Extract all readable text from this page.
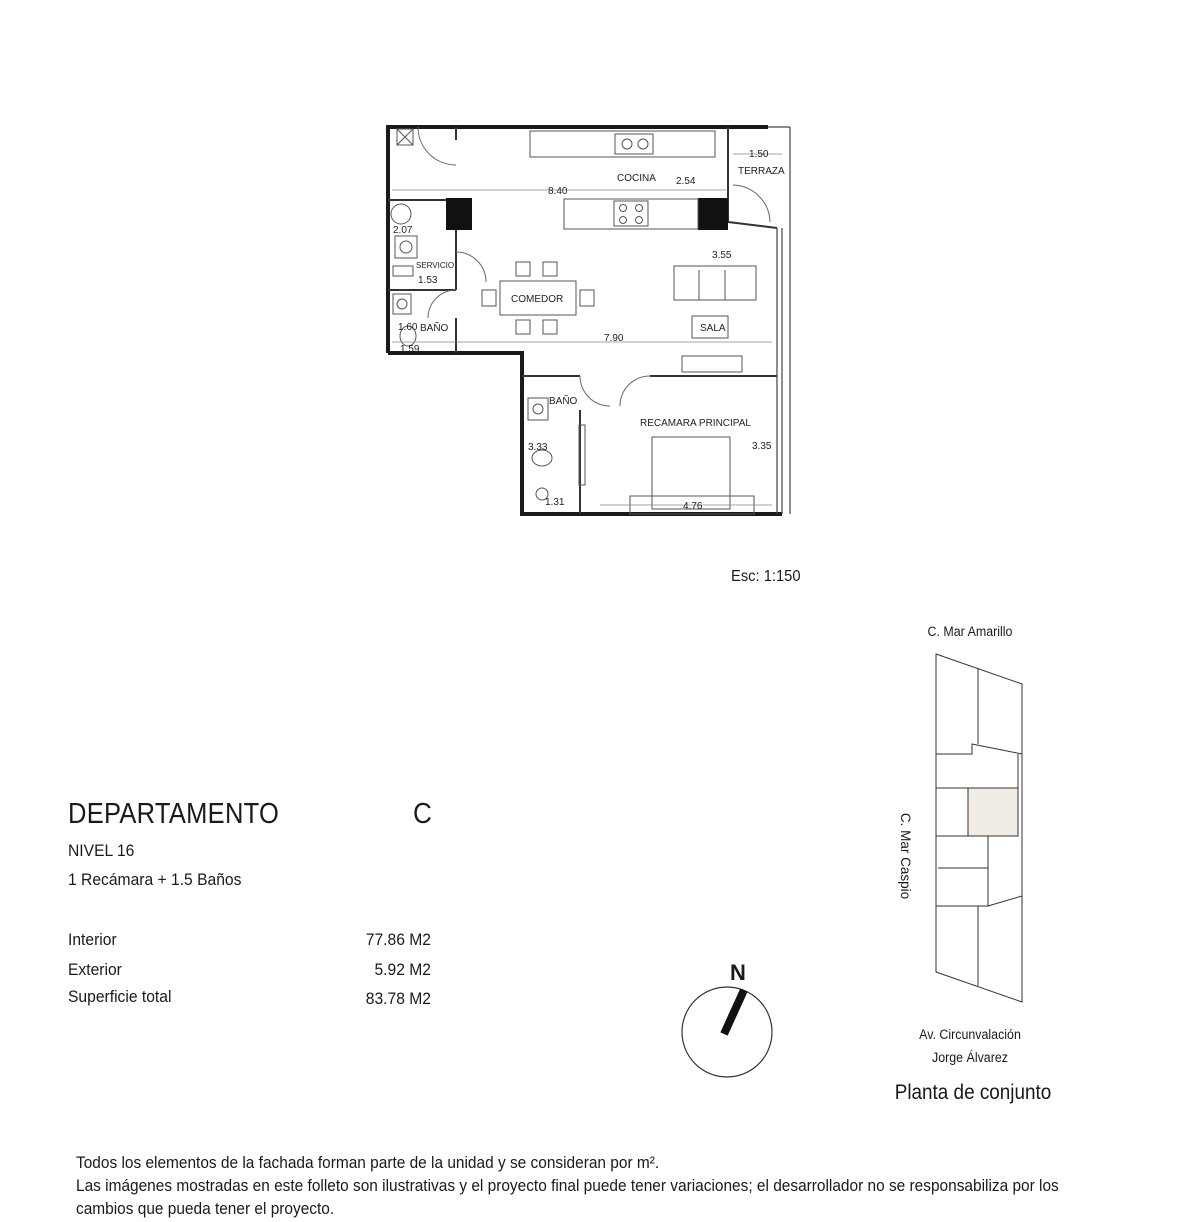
COCINA
TERRAZA
SERVICIO
COMEDOR
BAÑO	SALA
BAÑO
RECAMARA PRINCIPAL
1.50
8.40
2.54
2.07
3.55
1.53
1.60
7.90
1.59
3.33	3.35
1.31	4.76
Esc: 1:150
DEPARTAMENTO	C
NIVEL 16
1 Recámara + 1.5 Baños
Interior	77.86 M2
Exterior	5.92 M2
Superficie total	83.78 M2
N
C. Mar Amarillo
C. Mar Caspio
Av. Circunvalación
Jorge Álvarez
Planta de conjunto
Todos los elementos de la fachada forman parte de la unidad y se consideran por m².
Las imágenes mostradas en este folleto son ilustrativas y el proyecto final puede tener variaciones; el desarrollador no se responsabiliza por los cambios que pueda tener el proyecto.
